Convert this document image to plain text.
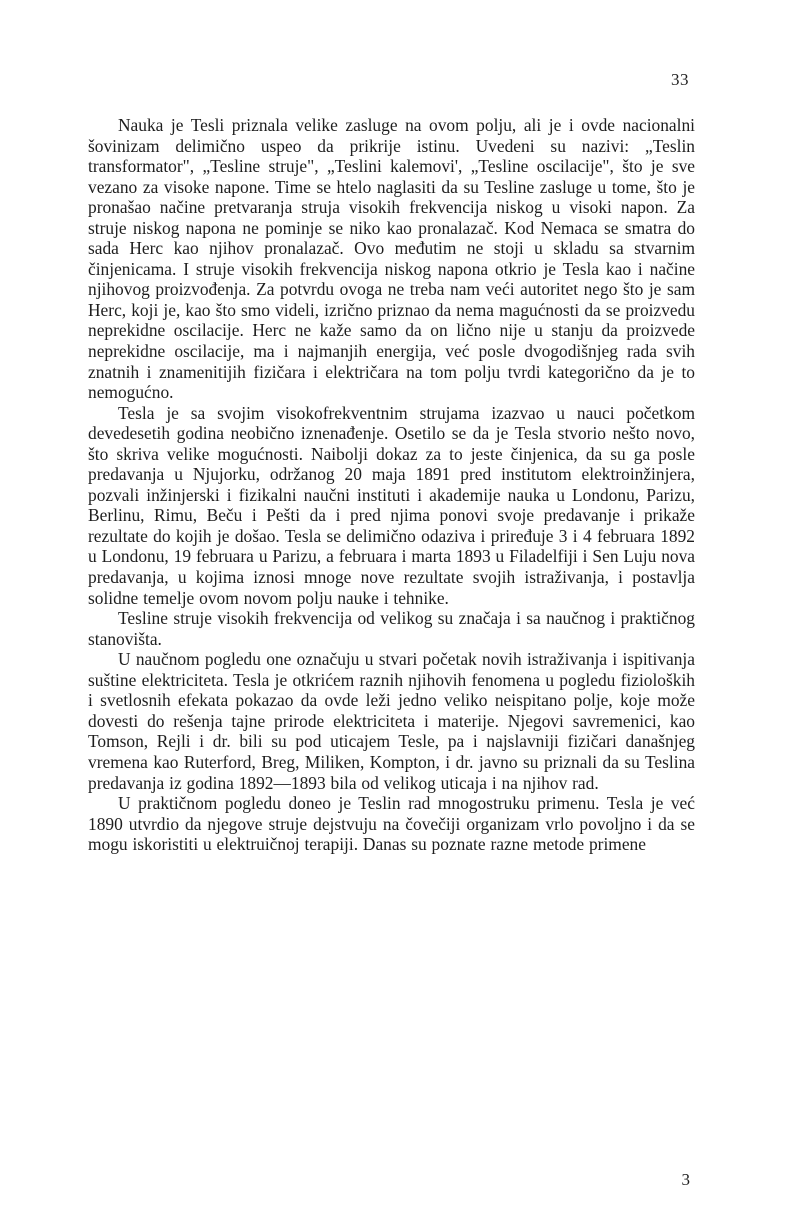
33

Nauka je Tesli priznala velike zasluge na ovom polju, ali je i ovde nacionalni šovinizam delimično uspeo da prikrije istinu. Uvedeni su nazivi: „Teslin transformator", „Tesline struje", „Teslini kalemovi', „Tesline oscilacije", što je sve vezano za visoke napone. Time se htelo naglasiti da su Tesline zasluge u tome, što je pronašao načine pretvaranja struja visokih frekvencija niskog u visoki napon. Za struje niskog napona ne pominje se niko kao pronalazač. Kod Nemaca se smatra do sada Herc kao njihov pronalazač. Ovo međutim ne stoji u skladu sa stvarnim činjenicama. I struje visokih frekvencija niskog napona otkrio je Tesla kao i načine njihovog proizvođenja. Za potvrdu ovoga ne treba nam veći autoritet nego što je sam Herc, koji je, kao što smo videli, izrično priznao da nema magućnosti da se proizvedu neprekidne oscilacije. Herc ne kaže samo da on lično nije u stanju da proizvede neprekidne oscilacije, ma i najmanjih energija, već posle dvogodišnjeg rada svih znatnih i znamenitijih fizičara i električara na tom polju tvrdi kategorično da je to nemogućno.

Tesla je sa svojim visokofrekventnim strujama izazvao u nauci početkom devedesetih godina neobično iznenađenje. Osetilo se da je Tesla stvorio nešto novo, što skriva velike mogućnosti. Naibolji dokaz za to jeste činjenica, da su ga posle predavanja u Njujorku, održanog 20 maja 1891 pred institutom elektroinžinjera, pozvali inžinjerski i fizikalni naučni instituti i akademije nauka u Londonu, Parizu, Berlinu, Rimu, Beču i Pešti da i pred njima ponovi svoje predavanje i prikaže rezultate do kojih je došao. Tesla se delimično odaziva i priređuje 3 i 4 februara 1892 u Londonu, 19 februara u Parizu, a februara i marta 1893 u Filadelfiji i Sen Luju nova predavanja, u kojima iznosi mnoge nove rezultate svojih istraživanja, i postavlja solidne temelje ovom novom polju nauke i tehnike.

Tesline struje visokih frekvencija od velikog su značaja i sa naučnog i praktičnog stanovišta.

U naučnom pogledu one označuju u stvari početak novih istraživanja i ispitivanja suštine elektriciteta. Tesla je otkrićem raznih njihovih fenomena u pogledu fizioloških i svetlosnih efekata pokazao da ovde leži jedno veliko neispitano polje, koje može dovesti do rešenja tajne prirode elektriciteta i materije. Njegovi savremenici, kao Tomson, Rejli i dr. bili su pod uticajem Tesle, pa i najslavniji fizičari današnjeg vremena kao Ruterford, Breg, Miliken, Kompton, i dr. javno su priznali da su Teslina predavanja iz godina 1892—1893 bila od velikog uticaja i na njihov rad.

U praktičnom pogledu doneo je Teslin rad mnogostruku primenu. Tesla je već 1890 utvrdio da njegove struje dejstvuju na čovečiji organizam vrlo povoljno i da se mogu iskoristiti u elektruičnoj terapiji. Danas su poznate razne metode primene

3
